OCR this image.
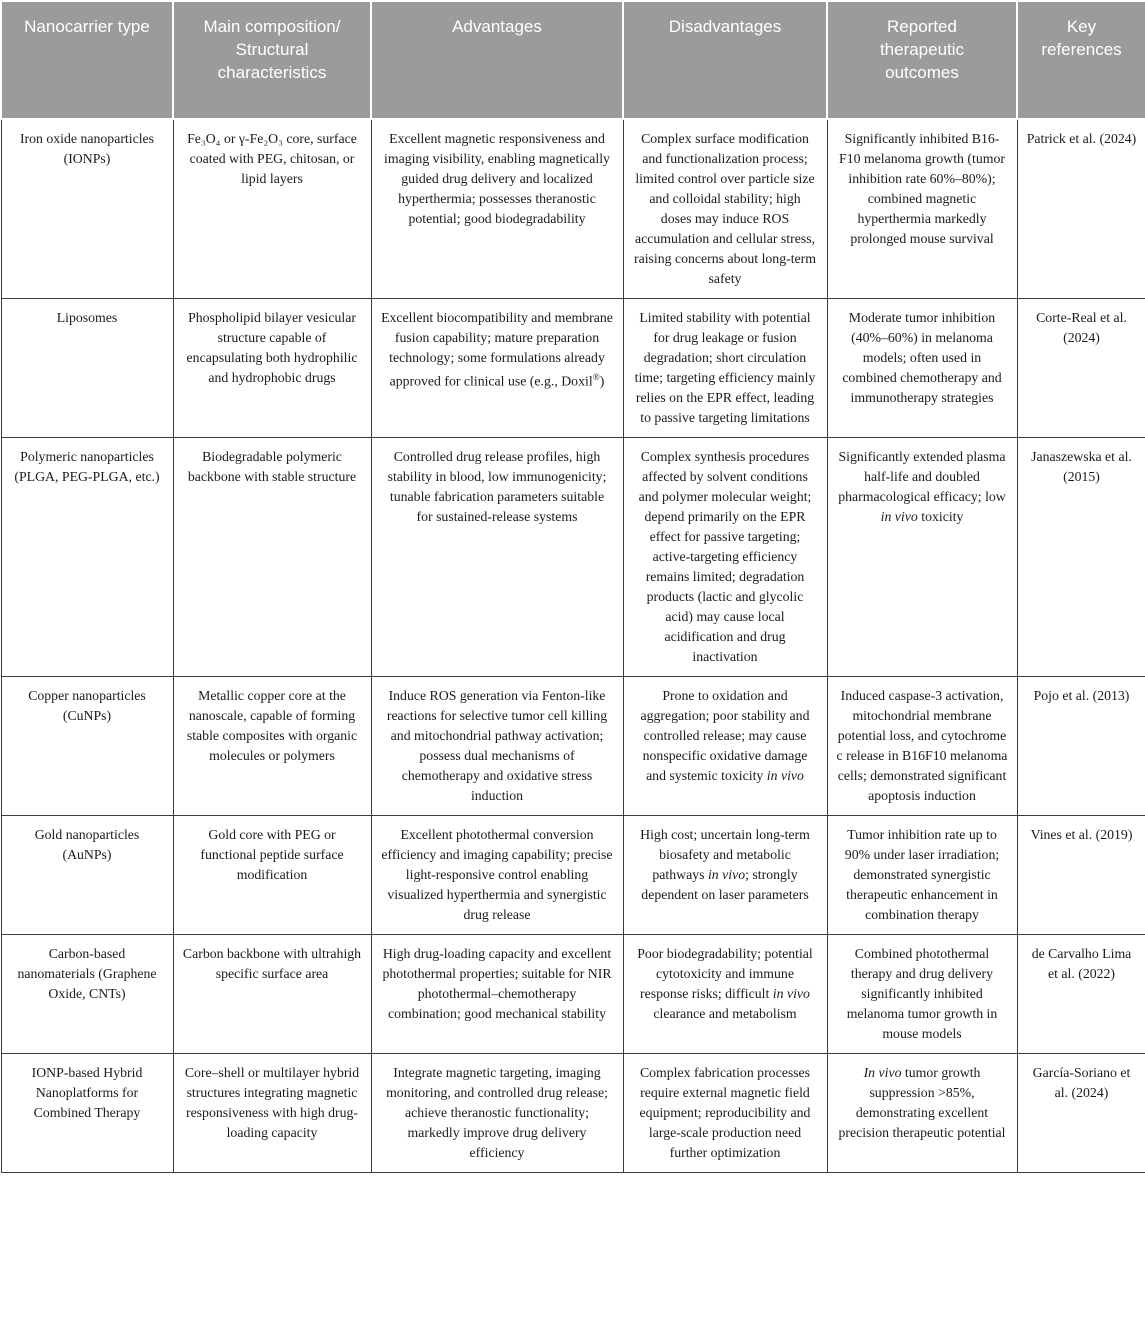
Nanocarrier type	Main composition/ Structural characteristics	Advantages	Disadvantages	Reported therapeutic outcomes	Key references
Iron oxide nanoparticles (IONPs)	Fe₃O₄ or γ-Fe₂O₃ core, surface coated with PEG, chitosan, or lipid layers	Excellent magnetic responsiveness and imaging visibility, enabling magnetically guided drug delivery and localized hyperthermia; possesses theranostic potential; good biodegradability	Complex surface modification and functionalization process; limited control over particle size and colloidal stability; high doses may induce ROS accumulation and cellular stress, raising concerns about long-term safety	Significantly inhibited B16-F10 melanoma growth (tumor inhibition rate 60%–80%); combined magnetic hyperthermia markedly prolonged mouse survival	Patrick et al. (2024)
Liposomes	Phospholipid bilayer vesicular structure capable of encapsulating both hydrophilic and hydrophobic drugs	Excellent biocompatibility and membrane fusion capability; mature preparation technology; some formulations already approved for clinical use (e.g., Doxil®)	Limited stability with potential for drug leakage or fusion degradation; short circulation time; targeting efficiency mainly relies on the EPR effect, leading to passive targeting limitations	Moderate tumor inhibition (40%–60%) in melanoma models; often used in combined chemotherapy and immunotherapy strategies	Corte-Real et al. (2024)
Polymeric nanoparticles (PLGA, PEG-PLGA, etc.)	Biodegradable polymeric backbone with stable structure	Controlled drug release profiles, high stability in blood, low immunogenicity; tunable fabrication parameters suitable for sustained-release systems	Complex synthesis procedures affected by solvent conditions and polymer molecular weight; depend primarily on the EPR effect for passive targeting; active-targeting efficiency remains limited; degradation products (lactic and glycolic acid) may cause local acidification and drug inactivation	Significantly extended plasma half-life and doubled pharmacological efficacy; low in vivo toxicity	Janaszewska et al. (2015)
Copper nanoparticles (CuNPs)	Metallic copper core at the nanoscale, capable of forming stable composites with organic molecules or polymers	Induce ROS generation via Fenton-like reactions for selective tumor cell killing and mitochondrial pathway activation; possess dual mechanisms of chemotherapy and oxidative stress induction	Prone to oxidation and aggregation; poor stability and controlled release; may cause nonspecific oxidative damage and systemic toxicity in vivo	Induced caspase-3 activation, mitochondrial membrane potential loss, and cytochrome c release in B16F10 melanoma cells; demonstrated significant apoptosis induction	Pojo et al. (2013)
Gold nanoparticles (AuNPs)	Gold core with PEG or functional peptide surface modification	Excellent photothermal conversion efficiency and imaging capability; precise light-responsive control enabling visualized hyperthermia and synergistic drug release	High cost; uncertain long-term biosafety and metabolic pathways in vivo; strongly dependent on laser parameters	Tumor inhibition rate up to 90% under laser irradiation; demonstrated synergistic therapeutic enhancement in combination therapy	Vines et al. (2019)
Carbon-based nanomaterials (Graphene Oxide, CNTs)	Carbon backbone with ultrahigh specific surface area	High drug-loading capacity and excellent photothermal properties; suitable for NIR photothermal–chemotherapy combination; good mechanical stability	Poor biodegradability; potential cytotoxicity and immune response risks; difficult in vivo clearance and metabolism	Combined photothermal therapy and drug delivery significantly inhibited melanoma tumor growth in mouse models	de Carvalho Lima et al. (2022)
IONP-based Hybrid Nanoplatforms for Combined Therapy	Core–shell or multilayer hybrid structures integrating magnetic responsiveness with high drug-loading capacity	Integrate magnetic targeting, imaging monitoring, and controlled drug release; achieve theranostic functionality; markedly improve drug delivery efficiency	Complex fabrication processes require external magnetic field equipment; reproducibility and large-scale production need further optimization	In vivo tumor growth suppression >85%, demonstrating excellent precision therapeutic potential	García-Soriano et al. (2024)
